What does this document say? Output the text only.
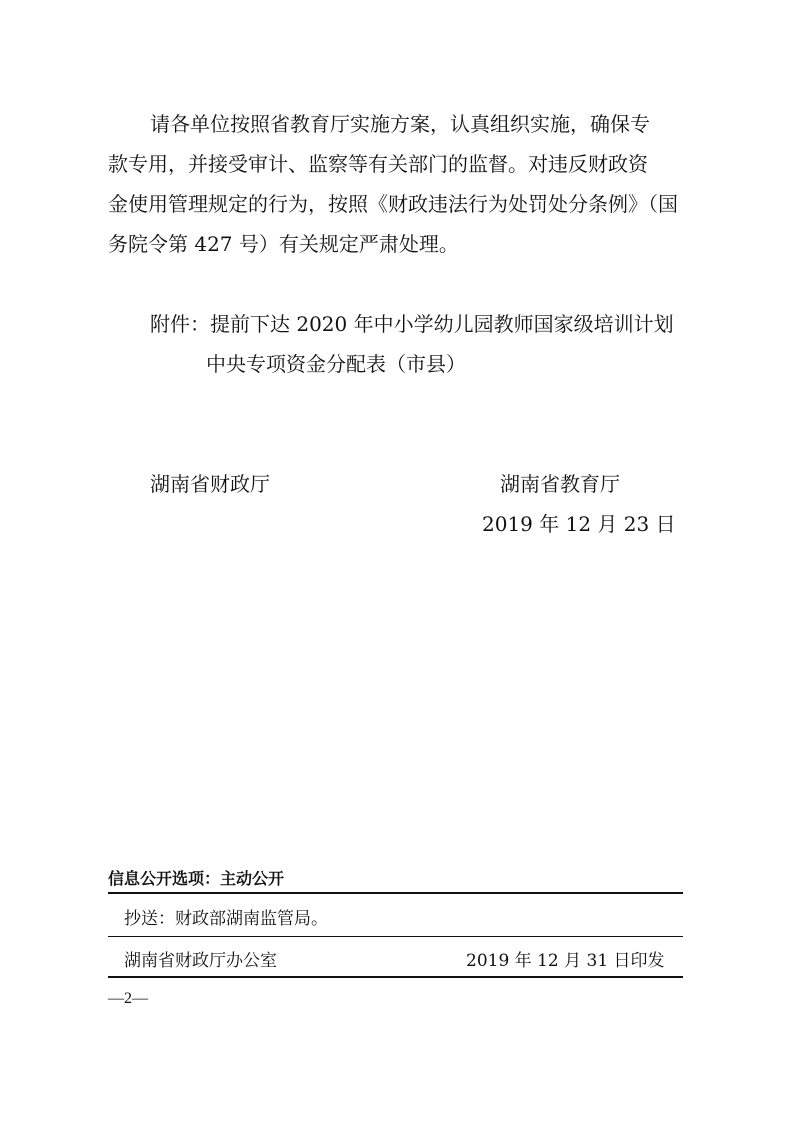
请各单位按照省教育厅实施方案，认真组织实施，确保专

款专用，并接受审计、监察等有关部门的监督。对违反财政资

金使用管理规定的行为，按照《财政违法行为处罚处分条例》（国

务院令第 427 号）有关规定严肃处理。

附件：提前下达 2020 年中小学幼儿园教师国家级培训计划

中央专项资金分配表（市县）

湖南省财政厅	湖南省教育厅
2019 年 12 月 23 日
信息公开选项：主动公开
抄送：财政部湖南监管局。
湖南省财政厅办公室	2019 年 12 月 31 日印发
—2—
